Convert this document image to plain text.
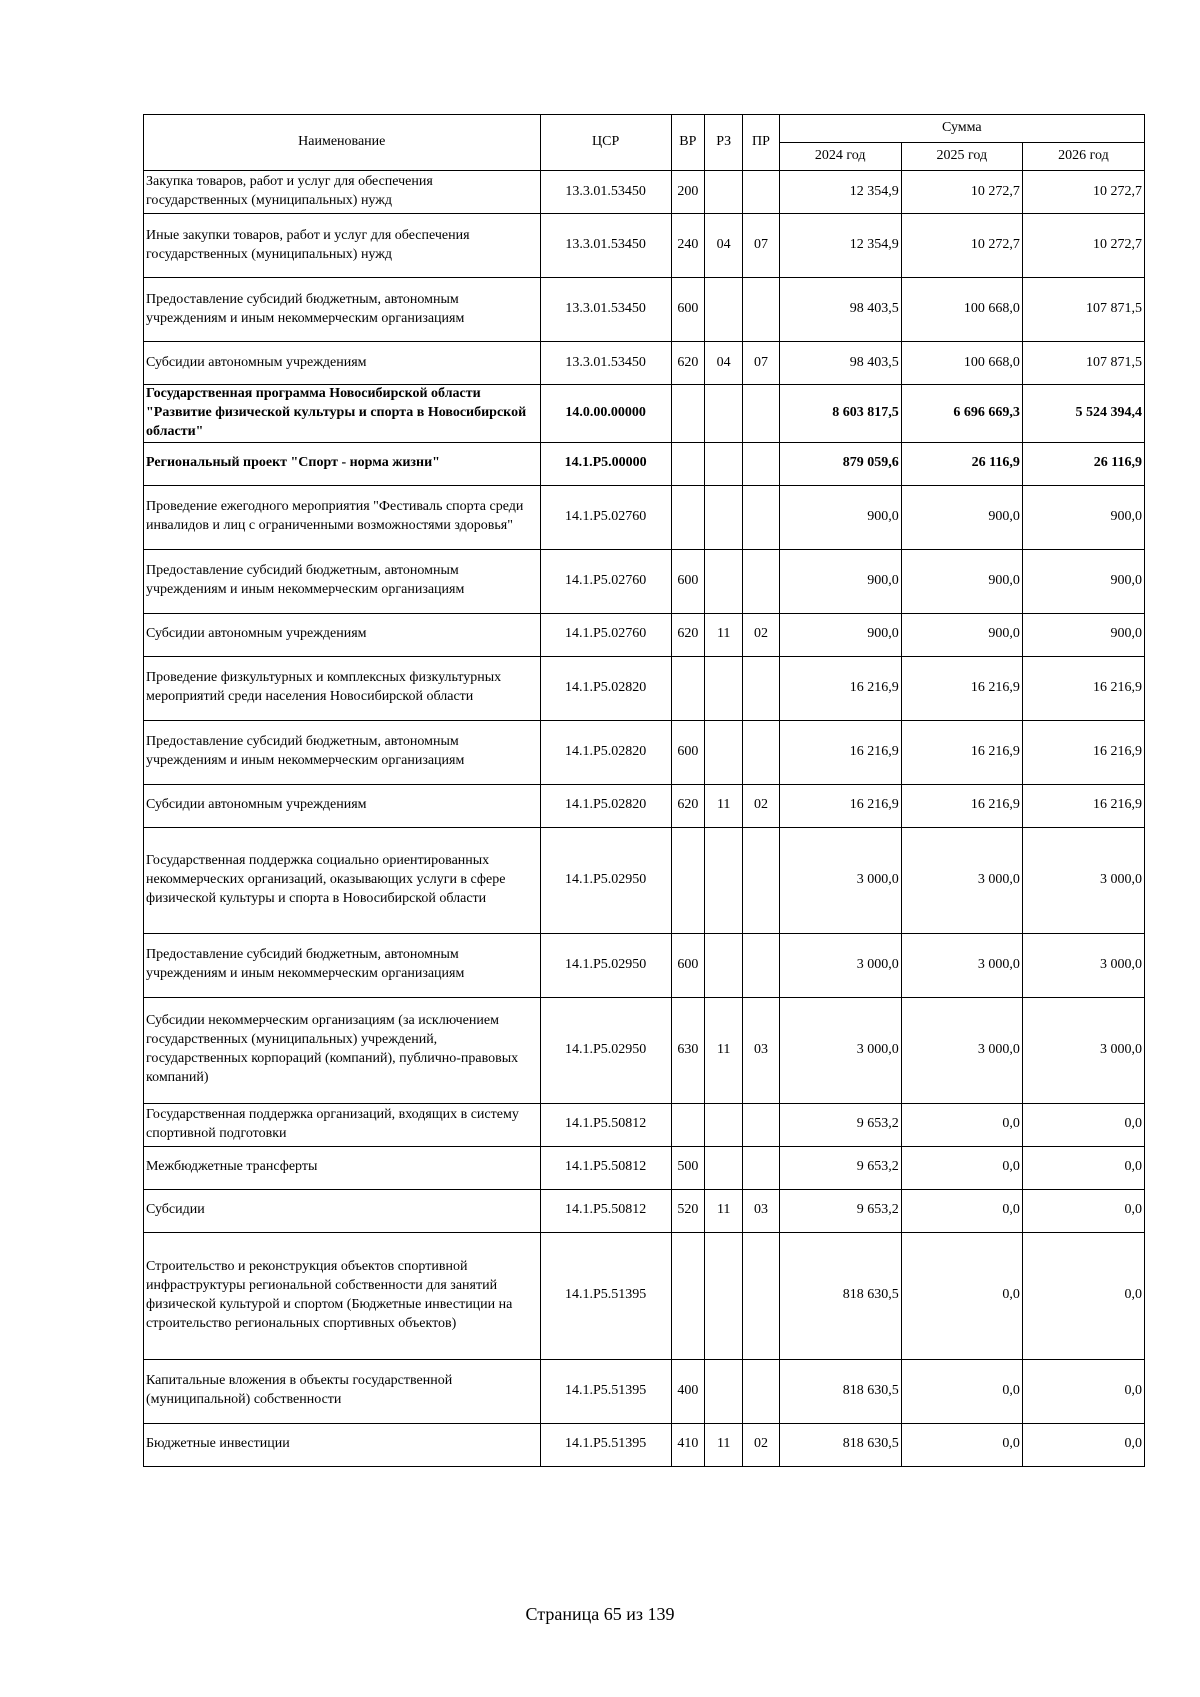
Наименование	ЦСР	ВР	РЗ	ПР	Сумма		
					2024 год	2025 год	2026 год
Закупка товаров, работ и услуг для обеспечения государственных (муниципальных) нужд	13.3.01.53450	200			12 354,9	10 272,7	10 272,7
Иные закупки товаров, работ и услуг для обеспечения государственных (муниципальных) нужд	13.3.01.53450	240	04	07	12 354,9	10 272,7	10 272,7
Предоставление субсидий бюджетным, автономным учреждениям и иным некоммерческим организациям	13.3.01.53450	600			98 403,5	100 668,0	107 871,5
Субсидии автономным учреждениям	13.3.01.53450	620	04	07	98 403,5	100 668,0	107 871,5
Государственная программа Новосибирской области "Развитие физической культуры и спорта в Новосибирской области"	14.0.00.00000				8 603 817,5	6 696 669,3	5 524 394,4
Региональный проект "Спорт - норма жизни"	14.1.P5.00000				879 059,6	26 116,9	26 116,9
Проведение ежегодного мероприятия "Фестиваль спорта среди инвалидов и лиц с ограниченными возможностями здоровья"	14.1.P5.02760				900,0	900,0	900,0
Предоставление субсидий бюджетным, автономным учреждениям и иным некоммерческим организациям	14.1.P5.02760	600			900,0	900,0	900,0
Субсидии автономным учреждениям	14.1.P5.02760	620	11	02	900,0	900,0	900,0
Проведение физкультурных и комплексных физкультурных мероприятий среди населения Новосибирской области	14.1.P5.02820				16 216,9	16 216,9	16 216,9
Предоставление субсидий бюджетным, автономным учреждениям и иным некоммерческим организациям	14.1.P5.02820	600			16 216,9	16 216,9	16 216,9
Субсидии автономным учреждениям	14.1.P5.02820	620	11	02	16 216,9	16 216,9	16 216,9
Государственная поддержка социально ориентированных некоммерческих организаций, оказывающих услуги в сфере физической культуры и спорта в Новосибирской области	14.1.P5.02950				3 000,0	3 000,0	3 000,0
Предоставление субсидий бюджетным, автономным учреждениям и иным некоммерческим организациям	14.1.P5.02950	600			3 000,0	3 000,0	3 000,0
Субсидии некоммерческим организациям (за исключением государственных (муниципальных) учреждений, государственных корпораций (компаний), публично-правовых компаний)	14.1.P5.02950	630	11	03	3 000,0	3 000,0	3 000,0
Государственная поддержка организаций, входящих в систему спортивной подготовки	14.1.P5.50812				9 653,2	0,0	0,0
Межбюджетные трансферты	14.1.P5.50812	500			9 653,2	0,0	0,0
Субсидии	14.1.P5.50812	520	11	03	9 653,2	0,0	0,0
Строительство и реконструкция объектов спортивной инфраструктуры региональной собственности для занятий физической культурой и спортом (Бюджетные инвестиции на строительство региональных спортивных объектов)	14.1.P5.51395				818 630,5	0,0	0,0
Капитальные вложения в объекты государственной (муниципальной) собственности	14.1.P5.51395	400			818 630,5	0,0	0,0
Бюджетные инвестиции	14.1.P5.51395	410	11	02	818 630,5	0,0	0,0
Страница 65 из 139
